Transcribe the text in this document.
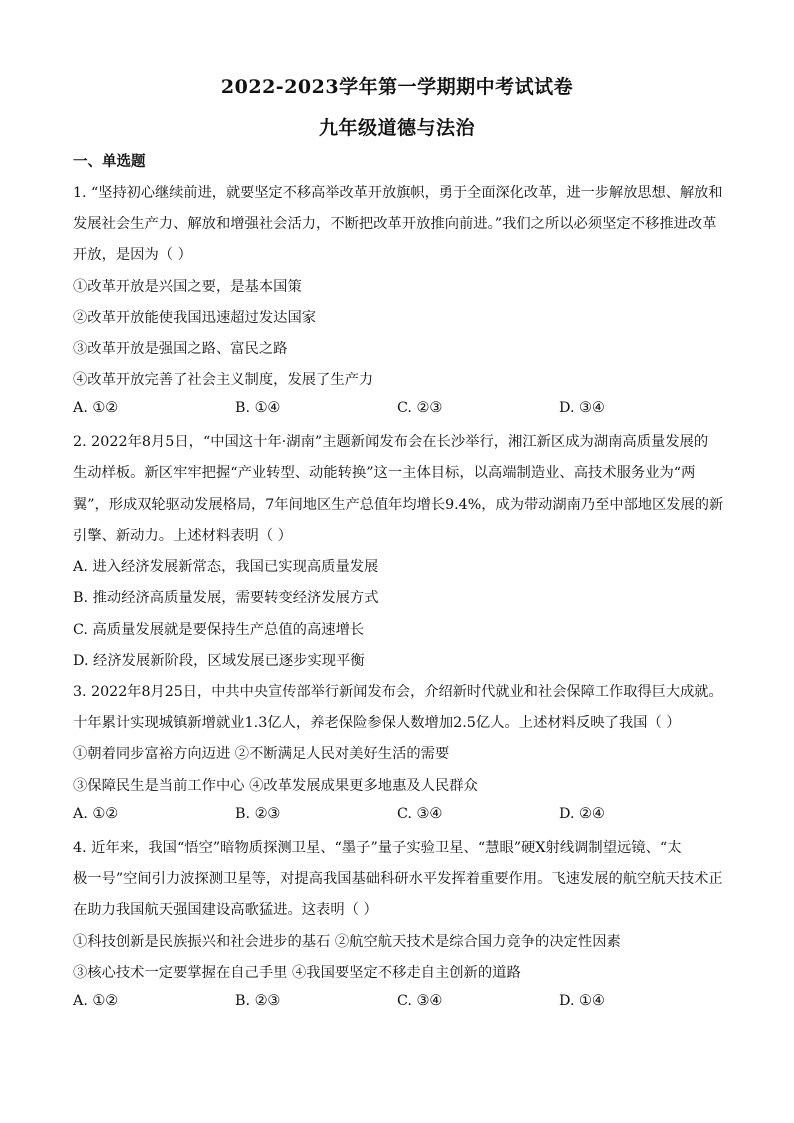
2022-2023学年第一学期期中考试试卷
九年级道德与法治
一、单选题
1. “坚持初心继续前进，就要坚定不移高举改革开放旗帜，勇于全面深化改革，进一步解放思想、解放和
发展社会生产力、解放和增强社会活力，不断把改革开放推向前进。”我们之所以必须坚定不移推进改革
开放，是因为（ ）
①改革开放是兴国之要，是基本国策
②改革开放能使我国迅速超过发达国家
③改革开放是强国之路、富民之路
④改革开放完善了社会主义制度，发展了生产力
A. ①②	B. ①④	C. ②③	D. ③④
2. 2022年8月5日，“中国这十年·湖南”主题新闻发布会在长沙举行，湘江新区成为湖南高质量发展的
生动样板。新区牢牢把握“产业转型、动能转换”这一主体目标，以高端制造业、高技术服务业为“两
翼”，形成双轮驱动发展格局，7年间地区生产总值年均增长9.4%，成为带动湖南乃至中部地区发展的新
引擎、新动力。上述材料表明（ ）
A. 进入经济发展新常态，我国已实现高质量发展
B. 推动经济高质量发展，需要转变经济发展方式
C. 高质量发展就是要保持生产总值的高速增长
D. 经济发展新阶段，区域发展已逐步实现平衡
3. 2022年8月25日，中共中央宣传部举行新闻发布会，介绍新时代就业和社会保障工作取得巨大成就。
十年累计实现城镇新增就业1.3亿人，养老保险参保人数增加2.5亿人。上述材料反映了我国（ ）
①朝着同步富裕方向迈进 ②不断满足人民对美好生活的需要
③保障民生是当前工作中心 ④改革发展成果更多地惠及人民群众
A. ①②	B. ②③	C. ③④	D. ②④
4. 近年来，我国“悟空”暗物质探测卫星、“墨子”量子实验卫星、“慧眼”硬X射线调制望远镜、“太
极一号”空间引力波探测卫星等，对提高我国基础科研水平发挥着重要作用。飞速发展的航空航天技术正
在助力我国航天强国建设高歌猛进。这表明（ ）
①科技创新是民族振兴和社会进步的基石 ②航空航天技术是综合国力竞争的决定性因素
③核心技术一定要掌握在自己手里 ④我国要坚定不移走自主创新的道路
A. ①②	B. ②③	C. ③④	D. ①④
